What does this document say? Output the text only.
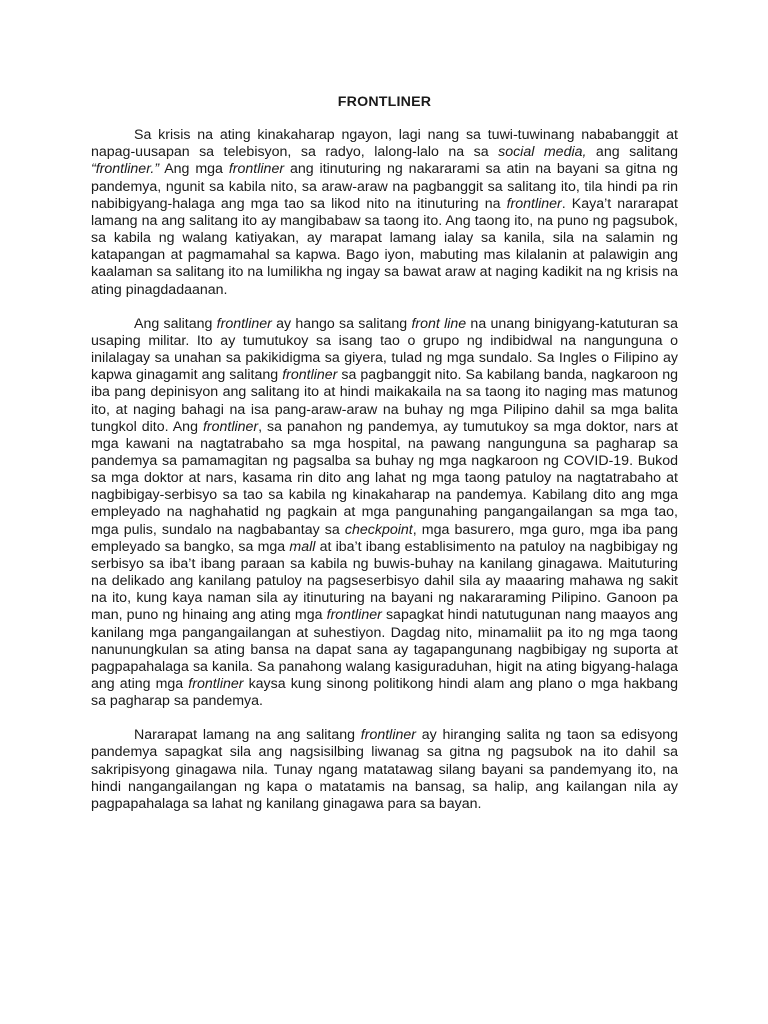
FRONTLINER

Sa krisis na ating kinakaharap ngayon, lagi nang sa tuwi-tuwinang nababanggit at napag-uusapan sa telebisyon, sa radyo, lalong-lalo na sa social media, ang salitang “frontliner.” Ang mga frontliner ang itinuturing ng nakararami sa atin na bayani sa gitna ng pandemya, ngunit sa kabila nito, sa araw-araw na pagbanggit sa salitang ito, tila hindi pa rin nabibigyang-halaga ang mga tao sa likod nito na itinuturing na frontliner. Kaya’t nararapat lamang na ang salitang ito ay mangibabaw sa taong ito. Ang taong ito, na puno ng pagsubok, sa kabila ng walang katiyakan, ay marapat lamang ialay sa kanila, sila na salamin ng katapangan at pagmamahal sa kapwa. Bago iyon, mabuting mas kilalanin at palawigin ang kaalaman sa salitang ito na lumilikha ng ingay sa bawat araw at naging kadikit na ng krisis na ating pinagdadaanan.

Ang salitang frontliner ay hango sa salitang front line na unang binigyang-katuturan sa usaping militar. Ito ay tumutukoy sa isang tao o grupo ng indibidwal na nangunguna o inilalagay sa unahan sa pakikidigma sa giyera, tulad ng mga sundalo. Sa Ingles o Filipino ay kapwa ginagamit ang salitang frontliner sa pagbanggit nito. Sa kabilang banda, nagkaroon ng iba pang depinisyon ang salitang ito at hindi maikakaila na sa taong ito naging mas matunog ito, at naging bahagi na isa pang-araw-araw na buhay ng mga Pilipino dahil sa mga balita tungkol dito. Ang frontliner, sa panahon ng pandemya, ay tumutukoy sa mga doktor, nars at mga kawani na nagtatrabaho sa mga hospital, na pawang nangunguna sa pagharap sa pandemya sa pamamagitan ng pagsalba sa buhay ng mga nagkaroon ng COVID-19. Bukod sa mga doktor at nars, kasama rin dito ang lahat ng mga taong patuloy na nagtatrabaho at nagbibigay-serbisyo sa tao sa kabila ng kinakaharap na pandemya. Kabilang dito ang mga empleyado na naghahatid ng pagkain at mga pangunahing pangangailangan sa mga tao, mga pulis, sundalo na nagbabantay sa checkpoint, mga basurero, mga guro, mga iba pang empleyado sa bangko, sa mga mall at iba’t ibang establisimento na patuloy na nagbibigay ng serbisyo sa iba’t ibang paraan sa kabila ng buwis-buhay na kanilang ginagawa. Maituturing na delikado ang kanilang patuloy na pagseserbisyo dahil sila ay maaaring mahawa ng sakit na ito, kung kaya naman sila ay itinuturing na bayani ng nakararaming Pilipino. Ganoon pa man, puno ng hinaing ang ating mga frontliner sapagkat hindi natutugunan nang maayos ang kanilang mga pangangailangan at suhestiyon. Dagdag nito, minamaliit pa ito ng mga taong nanunungkulan sa ating bansa na dapat sana ay tagapangunang nagbibigay ng suporta at pagpapahalaga sa kanila. Sa panahong walang kasiguraduhan, higit na ating bigyang-halaga ang ating mga frontliner kaysa kung sinong politikong hindi alam ang plano o mga hakbang sa pagharap sa pandemya.

Nararapat lamang na ang salitang frontliner ay hiranging salita ng taon sa edisyong pandemya sapagkat sila ang nagsisilbing liwanag sa gitna ng pagsubok na ito dahil sa sakripisyong ginagawa nila. Tunay ngang matatawag silang bayani sa pandemyang ito, na hindi nangangailangan ng kapa o matatamis na bansag, sa halip, ang kailangan nila ay pagpapahalaga sa lahat ng kanilang ginagawa para sa bayan.
